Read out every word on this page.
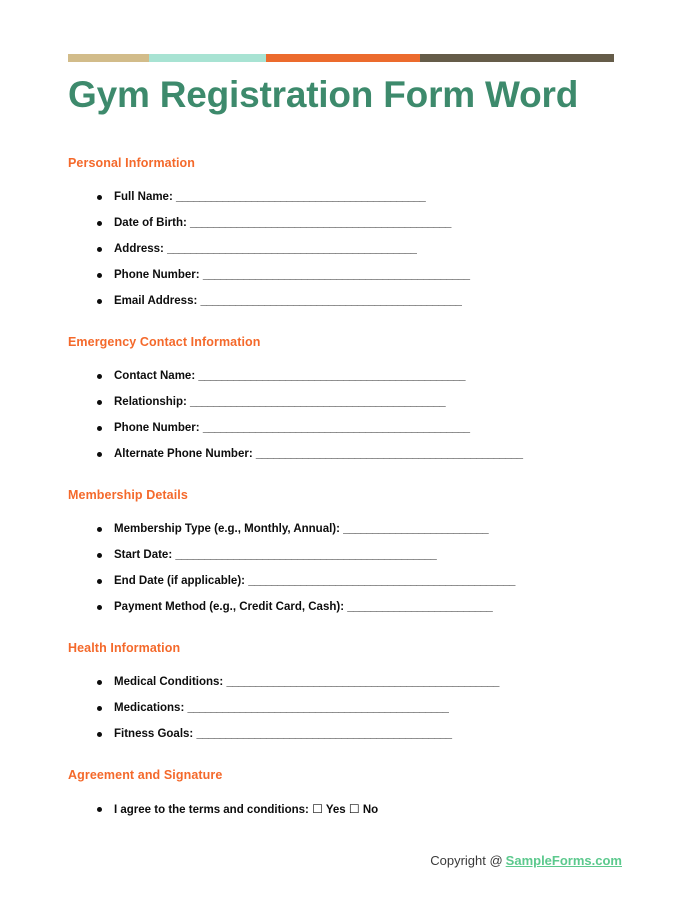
Gym Registration Form Word
Personal Information
Full Name: ___________________________________________
Date of Birth: _____________________________________________
Address: ___________________________________________
Phone Number: ______________________________________________
Email Address: _____________________________________________
Emergency Contact Information
Contact Name: ______________________________________________
Relationship: ____________________________________________
Phone Number: ______________________________________________
Alternate Phone Number: ______________________________________________
Membership Details
Membership Type (e.g., Monthly, Annual): _________________________
Start Date: _____________________________________________
End Date (if applicable): ______________________________________________
Payment Method (e.g., Credit Card, Cash): _________________________
Health Information
Medical Conditions: _______________________________________________
Medications: _____________________________________________
Fitness Goals: ____________________________________________
Agreement and Signature
I agree to the terms and conditions: ☐ Yes ☐ No
Copyright @ SampleForms.com
